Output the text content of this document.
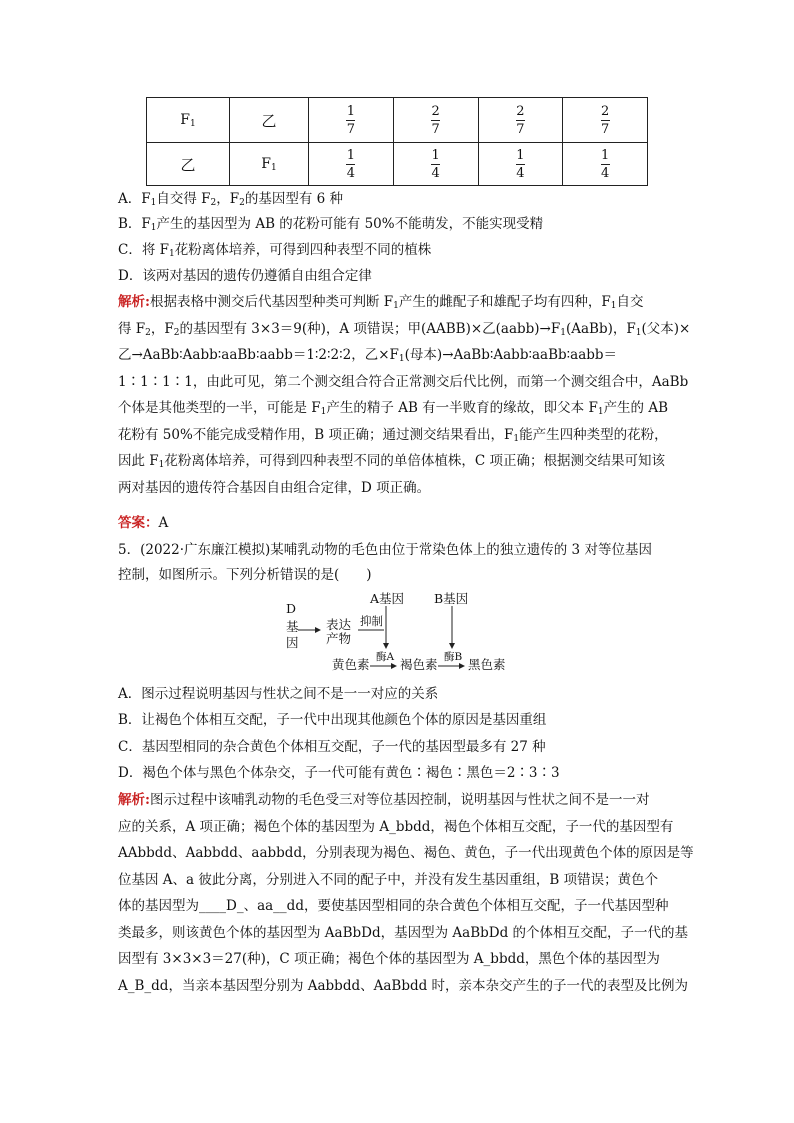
$F_1$	乙	$\frac{1}{7}$	$\frac{2}{7}$	$\frac{2}{7}$	$\frac{2}{7}$

乙	$F_1$	$\frac{1}{4}$	$\frac{1}{4}$	$\frac{1}{4}$	$\frac{1}{4}$
A．$F_1$自交得 $F_2$，$F_2$的基因型有 6 种
B．$F_1$产生的基因型为 AB 的花粉可能有 50%不能萌发，不能实现受精
C．将 $F_1$花粉离体培养，可得到四种表型不同的植株
D．该两对基因的遗传仍遵循自由组合定律

解析:根据表格中测交后代基因型种类可判断 $F_1$产生的雌配子和雄配子均有四种，$F_1$自交

得 $F_2$，$F_2$的基因型有 3×3＝9(种)，A 项错误；甲(AABB)×乙$(aabb)\to F_1(AaBb)$，$F_1$(父本)×

乙→AaBb∶Aabb∶aaBb∶aabb＝1∶2∶2∶2，乙$\times F_1$(母本)→AaBb∶Aabb∶aaBb∶aabb＝

1∶1∶1∶1，由此可见，第二个测交组合符合正常测交后代比例，而第一个测交组合中，AaBb

个体是其他类型的一半，可能是 $F_1$产生的精子 AB 有一半败育的缘故，即父本 $F_1$产生的 AB

花粉有 50%不能完成受精作用，B 项正确；通过测交结果看出，$F_1$能产生四种类型的花粉，

因此 $F_1$花粉离体培养，可得到四种表型不同的单倍体植株，C 项正确；根据测交结果可知该

两对基因的遗传符合基因自由组合定律，D 项正确。

答案：A
5．(2022·广东廉江模拟)某哺乳动物的毛色由位于常染色体上的独立遗传的 3 对等位基因
控制，如图所示。下列分析错误的是(　　)
D
基
因
表达
产物
抑制
A基因 B基因
黄色素 酶A 褐色素 酶B 黑色素
A．图示过程说明基因与性状之间不是一一对应的关系
B．让褐色个体相互交配，子一代中出现其他颜色个体的原因是基因重组
C．基因型相同的杂合黄色个体相互交配，子一代的基因型最多有 27 种
D．褐色个体与黑色个体杂交，子一代可能有黄色∶褐色∶黑色＝2∶3∶3

解析:图示过程中该哺乳动物的毛色受三对等位基因控制，说明基因与性状之间不是一一对

应的关系，A 项正确；褐色个体的基因型为 A_bbdd，褐色个体相互交配，子一代的基因型有

AAbbdd、Aabbdd、aabbdd，分别表现为褐色、褐色、黄色，子一代出现黄色个体的原因是等

位基因 A、a 彼此分离，分别进入不同的配子中，并没有发生基因重组，B 项错误；黄色个

体的基因型为____D_、aa__dd，要使基因型相同的杂合黄色个体相互交配，子一代基因型种

类最多，则该黄色个体的基因型为 AaBbDd，基因型为 AaBbDd 的个体相互交配，子一代的基

因型有 3×3×3＝27(种)，C 项正确；褐色个体的基因型为 A_bbdd，黑色个体的基因型为

A_B_dd，当亲本基因型分别为 Aabbdd、AaBbdd 时，亲本杂交产生的子一代的表型及比例为
